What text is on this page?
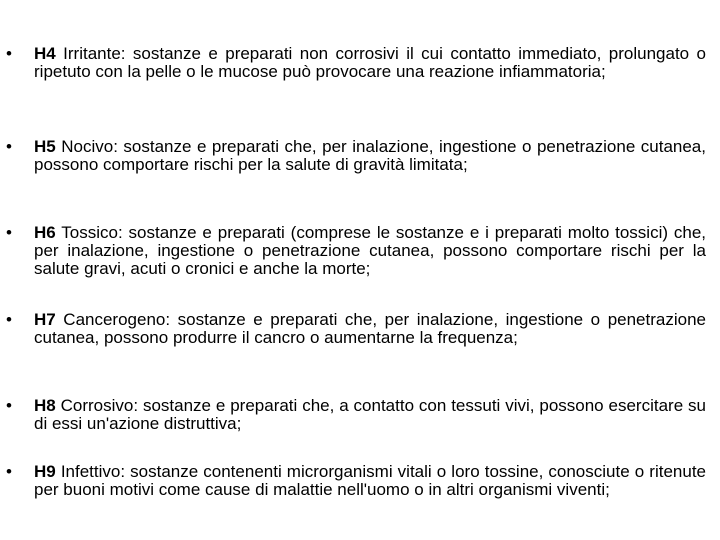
• H4 Irritante: sostanze e preparati non corrosivi il cui contatto immediato, prolungato o ripetuto con la pelle o le mucose può provocare una reazione infiammatoria;

• H5 Nocivo: sostanze e preparati che, per inalazione, ingestione o penetrazione cutanea, possono comportare rischi per la salute di gravità limitata;

• H6 Tossico: sostanze e preparati (comprese le sostanze e i preparati molto tossici) che, per inalazione, ingestione o penetrazione cutanea, possono comportare rischi per la salute gravi, acuti o cronici e anche la morte;

• H7 Cancerogeno: sostanze e preparati che, per inalazione, ingestione o penetrazione cutanea, possono produrre il cancro o aumentarne la frequenza;

• H8 Corrosivo: sostanze e preparati che, a contatto con tessuti vivi, possono esercitare su di essi un'azione distruttiva;

• H9 Infettivo: sostanze contenenti microrganismi vitali o loro tossine, conosciute o ritenute per buoni motivi come cause di malattie nell'uomo o in altri organismi viventi;
